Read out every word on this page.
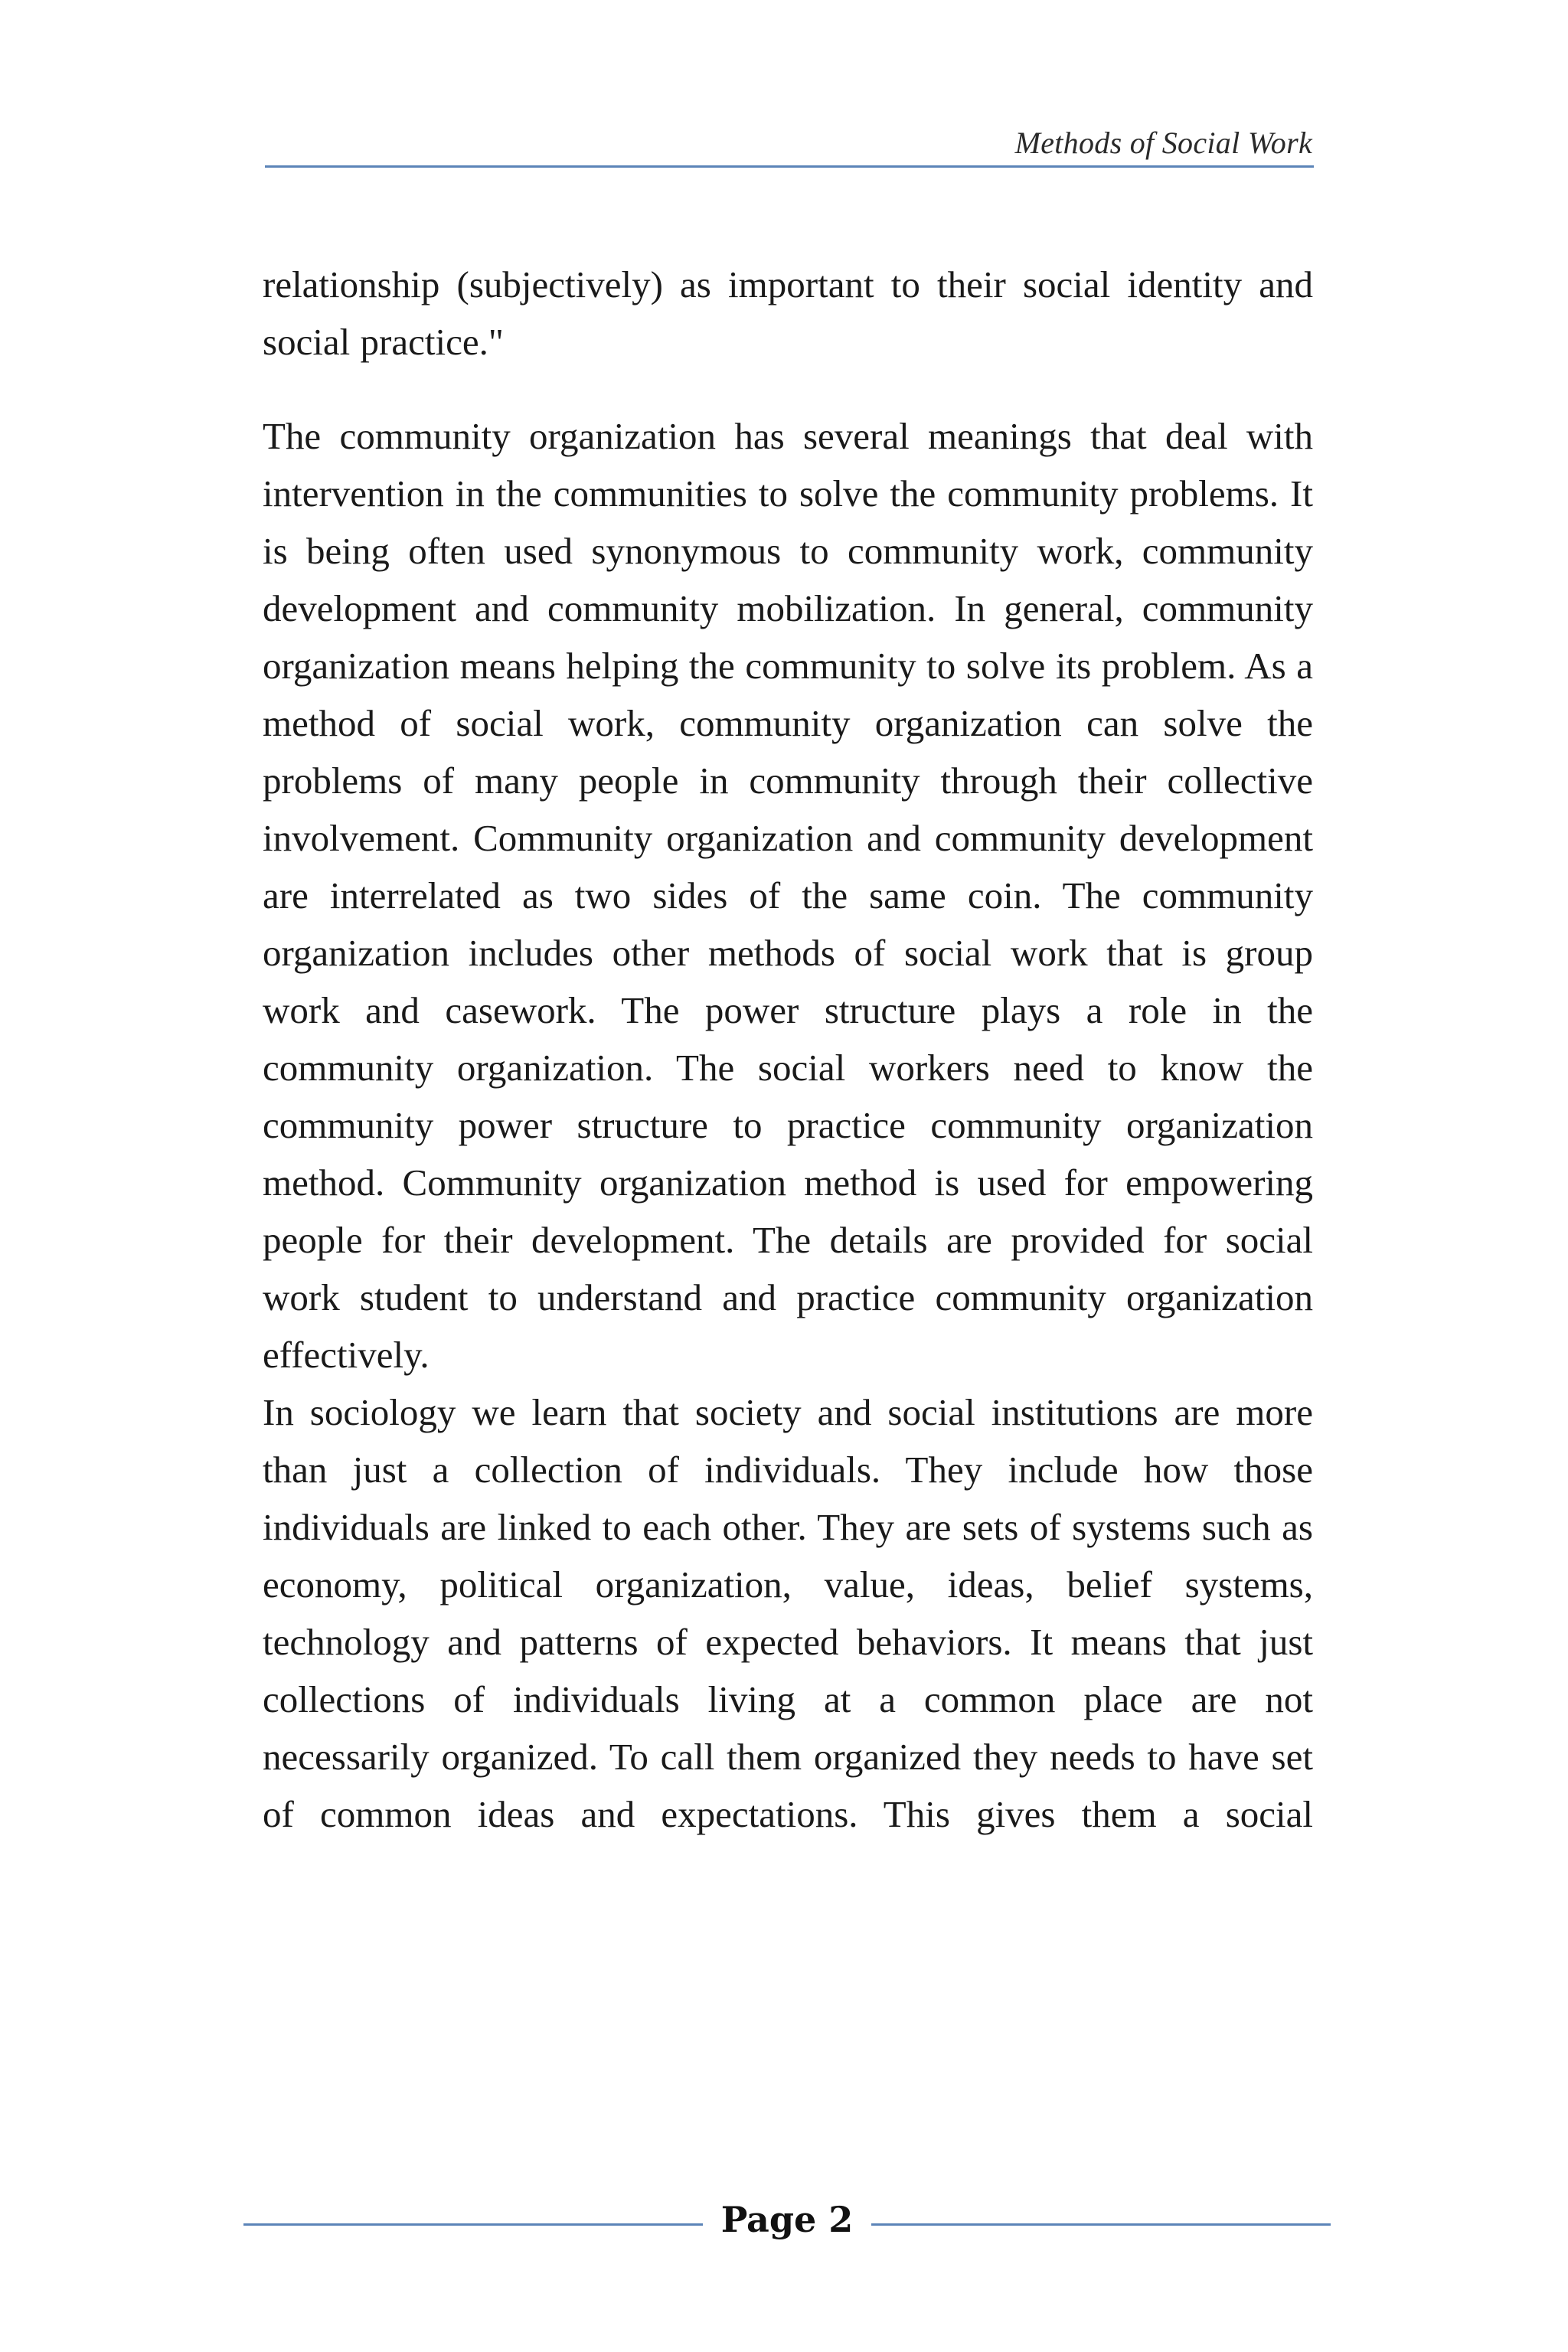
Methods of Social Work

relationship (subjectively) as important to their social identity and social practice."

The community organization has several meanings that deal with intervention in the communities to solve the community problems. It is being often used synonymous to community work, community development and community mobilization. In general, community organization means helping the community to solve its problem. As a method of social work, community organization can solve the problems of many people in community through their collective involvement. Community organization and community development are interrelated as two sides of the same coin. The community organization includes other methods of social work that is group work and casework. The power structure plays a role in the community organization. The social workers need to know the community power structure to practice community organization method. Community organization method is used for empowering people for their development. The details are provided for social work student to understand and practice community organization effectively.

In sociology we learn that society and social institutions are more than just a collection of individuals. They include how those individuals are linked to each other. They are sets of systems such as economy, political organization, value, ideas, belief systems, technology and patterns of expected behaviors. It means that just collections of individuals living at a common place are not necessarily organized. To call them organized they needs to have set of common ideas and expectations. This gives them a social

Page 2
